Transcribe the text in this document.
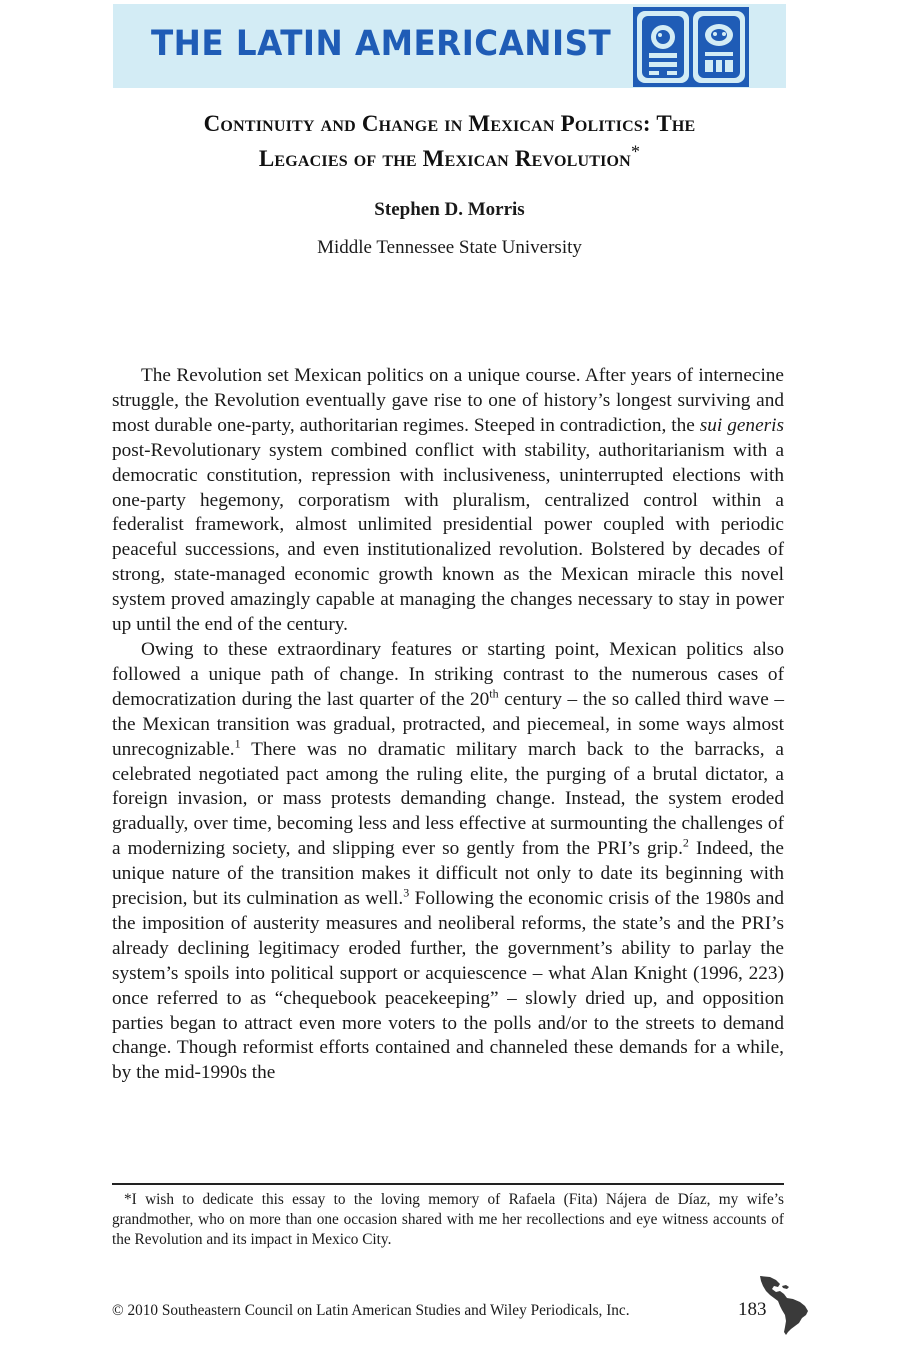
THE LATIN AMERICANIST
Continuity and Change in Mexican Politics: The
Legacies of the Mexican Revolution*
Stephen D. Morris
Middle Tennessee State University

The Revolution set Mexican politics on a unique course. After years of internecine struggle, the Revolution eventually gave rise to one of history’s longest surviving and most durable one-party, authoritarian regimes. Steeped in contradiction, the sui generis post-Revolutionary system combined conflict with stability, authoritarianism with a democratic constitution, repression with inclusiveness, uninterrupted elections with one-party hegemony, corporatism with pluralism, centralized control within a federalist framework, almost unlimited presidential power coupled with periodic peaceful successions, and even institutionalized revolution. Bolstered by decades of strong, state-managed economic growth known as the Mexican miracle this novel system proved amazingly capable at managing the changes necessary to stay in power up until the end of the century.

Owing to these extraordinary features or starting point, Mexican politics also followed a unique path of change. In striking contrast to the numerous cases of democratization during the last quarter of the 20th century – the so called third wave – the Mexican transition was gradual, protracted, and piecemeal, in some ways almost unrecognizable.$^1$ There was no dramatic military march back to the barracks, a celebrated negotiated pact among the ruling elite, the purging of a brutal dictator, a foreign invasion, or mass protests demanding change. Instead, the system eroded gradually, over time, becoming less and less effective at surmounting the challenges of a modernizing society, and slipping ever so gently from the PRI’s grip.$^2$ Indeed, the unique nature of the transition makes it difficult not only to date its beginning with precision, but its culmination as well.$^3$ Following the economic crisis of the 1980s and the imposition of austerity measures and neoliberal reforms, the state’s and the PRI’s already declining legitimacy eroded further, the government’s ability to parlay the system’s spoils into political support or acquiescence – what Alan Knight (1996, 223) once referred to as “chequebook peacekeeping” – slowly dried up, and opposition parties began to attract even more voters to the polls and/or to the streets to demand change. Though reformist efforts contained and channeled these demands for a while, by the mid-1990s the

*I wish to dedicate this essay to the loving memory of Rafaela (Fita) Nájera de Díaz, my wife’s grandmother, who on more than one occasion shared with me her recollections and eye witness accounts of the Revolution and its impact in Mexico City.
© 2010 Southeastern Council on Latin American Studies and Wiley Periodicals, Inc.	183
